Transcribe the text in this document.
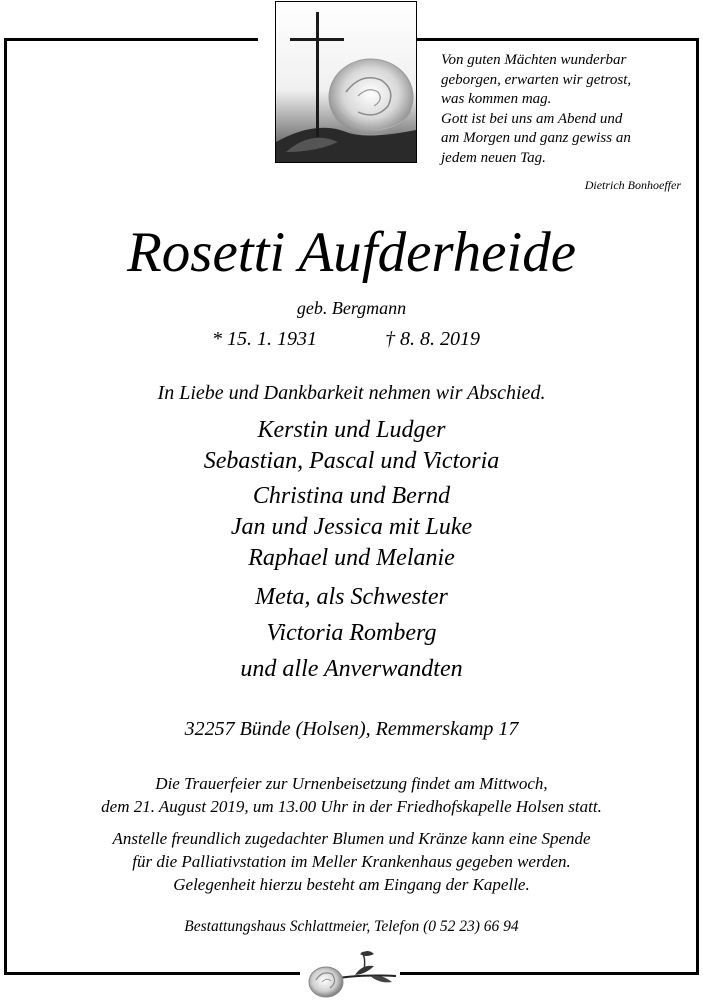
Von guten Mächten wunderbar
geborgen, erwarten wir getrost,
was kommen mag.
Gott ist bei uns am Abend und
am Morgen und ganz gewiss an
jedem neuen Tag.
Dietrich Bonhoeffer
Rosetti Aufderheide
geb. Bergmann
* 15. 1. 1931	† 8. 8. 2019
In Liebe und Dankbarkeit nehmen wir Abschied.
Kerstin und Ludger
Sebastian, Pascal und Victoria
Christina und Bernd
Jan und Jessica mit Luke
Raphael und Melanie
Meta, als Schwester
Victoria Romberg
und alle Anverwandten
32257 Bünde (Holsen), Remmerskamp 17
Die Trauerfeier zur Urnenbeisetzung findet am Mittwoch,
dem 21. August 2019, um 13.00 Uhr in der Friedhofskapelle Holsen statt.
Anstelle freundlich zugedachter Blumen und Kränze kann eine Spende
für die Palliativstation im Meller Krankenhaus gegeben werden.
Gelegenheit hierzu besteht am Eingang der Kapelle.
Bestattungshaus Schlattmeier, Telefon (0 52 23) 66 94
